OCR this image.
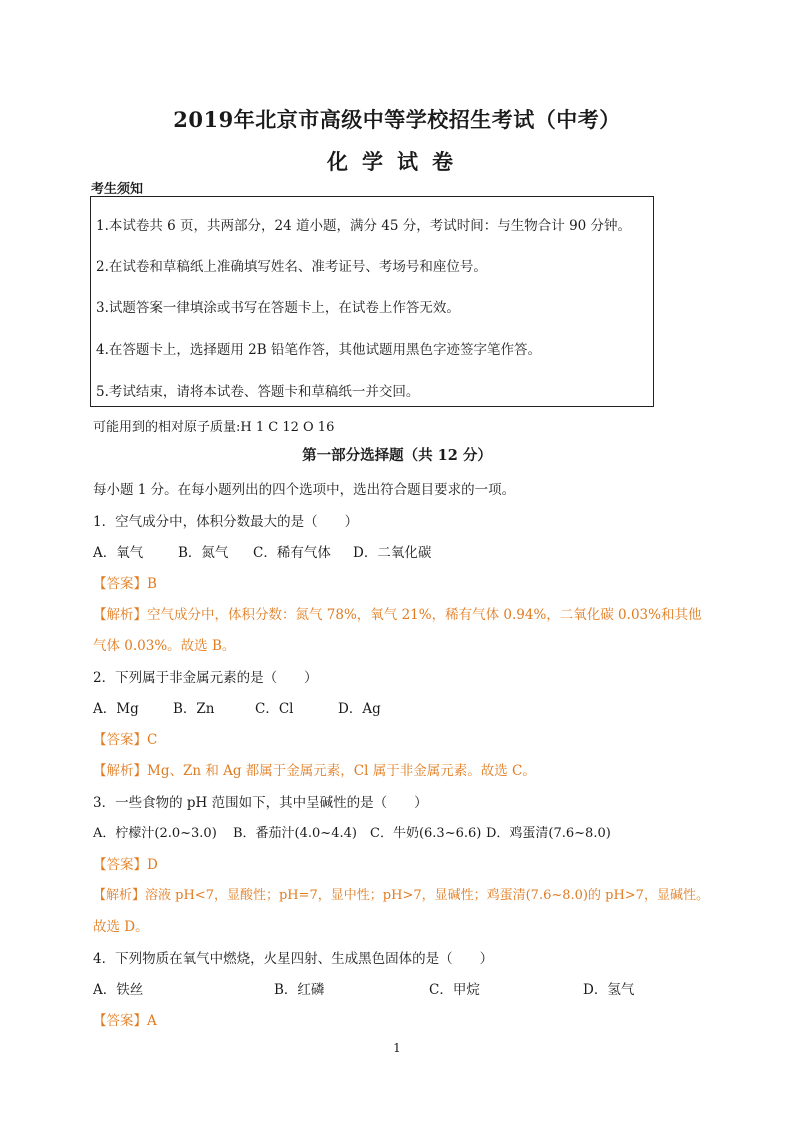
2019年北京市高级中等学校招生考试（中考）
化学试卷
考生须知
1.本试卷共 6 页，共两部分，24 道小题，满分 45 分，考试时间：与生物合计 90 分钟。
2.在试卷和草稿纸上准确填写姓名、准考证号、考场号和座位号。
3.试题答案一律填涂或书写在答题卡上，在试卷上作答无效。
4.在答题卡上，选择题用 2B 铅笔作答，其他试题用黑色字迹签字笔作答。
5.考试结束，请将本试卷、答题卡和草稿纸一并交回。
可能用到的相对原子质量:H 1 C 12 O 16
第一部分选择题（共 12 分）
每小题 1 分。在每小题列出的四个选项中，选出符合题目要求的一项。
1．空气成分中，体积分数最大的是（　　）
A．氧气	B．氮气 C．稀有气体 D．二氧化碳
【答案】B
【解析】空气成分中，体积分数：氮气 78%，氧气 21%，稀有气体 0.94%，二氧化碳 0.03%和其他
气体 0.03%。故选 B。
2．下列属于非金属元素的是（　　）
A．Mg	B．Zn	C．Cl	D．Ag
【答案】C
【解析】Mg、Zn 和 Ag 都属于金属元素，Cl 属于非金属元素。故选 C。
3．一些食物的 pH 范围如下，其中呈碱性的是（　　）
A．柠檬汁(2.0~3.0) B．番茄汁(4.0~4.4) C．牛奶(6.3~6.6) D．鸡蛋清(7.6~8.0)
【答案】D
【解析】溶液 pH<7，显酸性；pH=7，显中性；pH>7，显碱性；鸡蛋清(7.6~8.0)的 pH>7，显碱性。
故选 D。
4．下列物质在氧气中燃烧，火星四射、生成黑色固体的是（　　）
A．铁丝	B．红磷	C．甲烷	D．氢气
【答案】A
1
